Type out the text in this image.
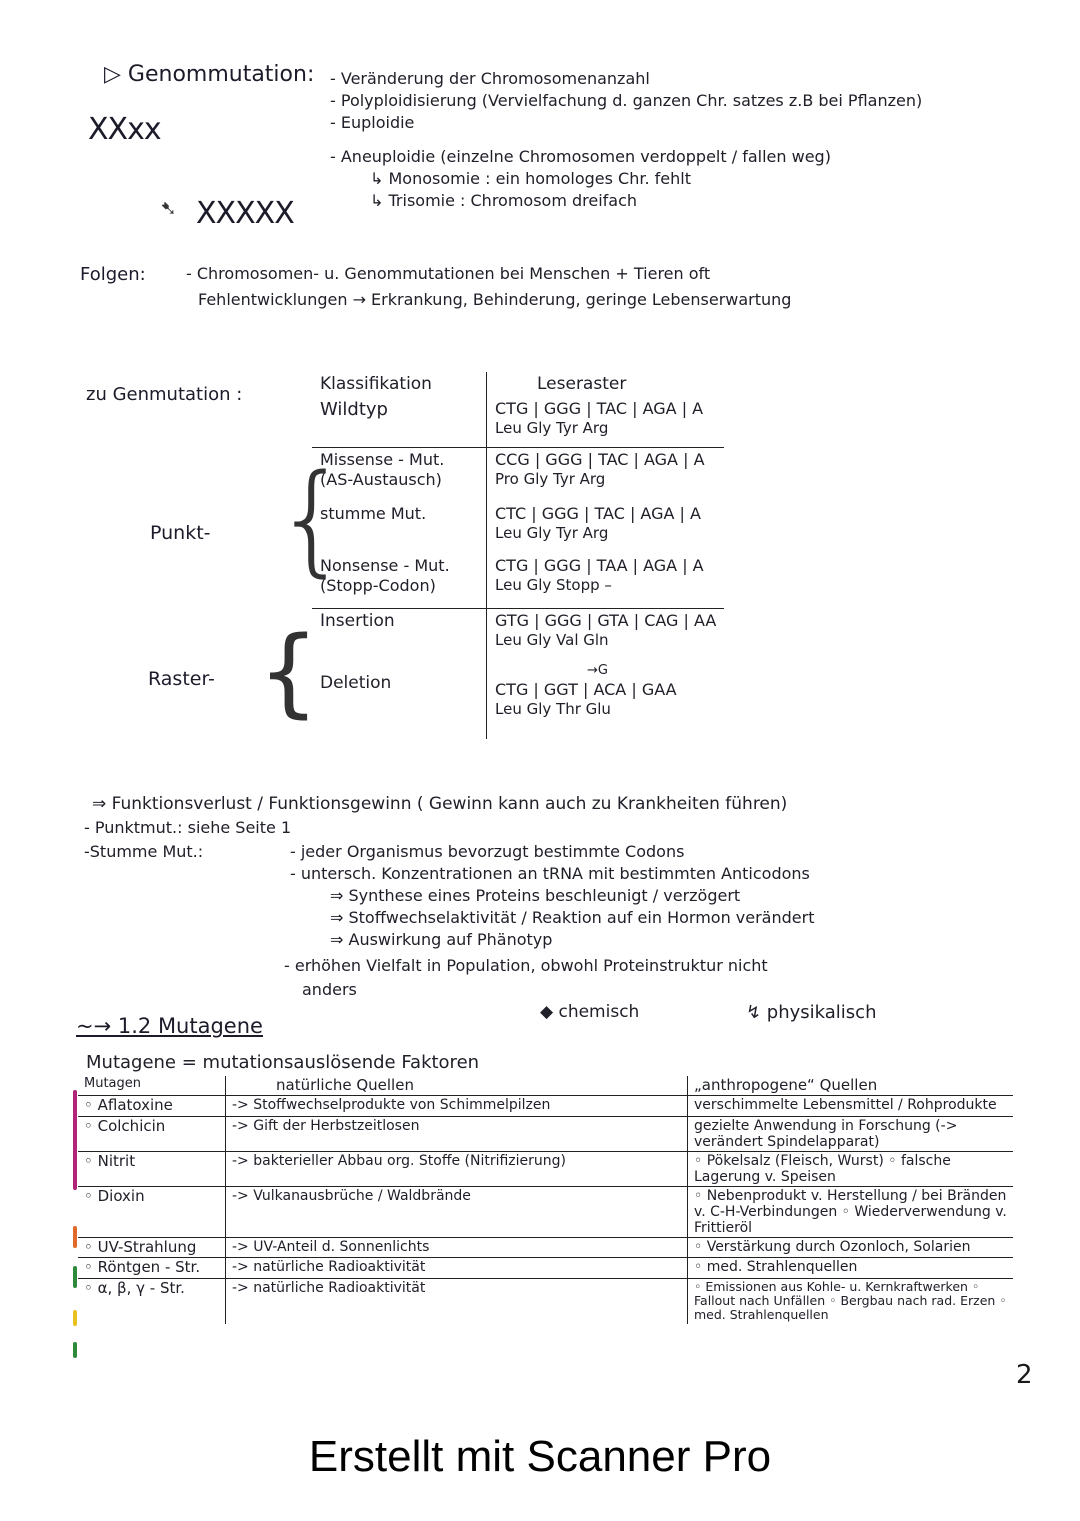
▷ Genommutation: - Veränderung der Chromosomenanzahl
- Polyploidisierung (Vervielfachung d. ganzen Chr. satzes z.B bei Pflanzen)
- Euploidie
- Aneuploidie (einzelne Chromosomen verdoppelt / fallen weg)
↳ Monosomie : ein homologes Chr. fehlt
↳ Trisomie : Chromosom dreifach
XXxx
➷ XXXXX
Folgen:	- Chromosomen- u. Genommutationen bei Menschen + Tieren oft
Fehlentwicklungen → Erkrankung, Behinderung, geringe Lebenserwartung
zu Genmutation :
Punkt- {
Raster- {
Klassifikation	Leseraster
Wildtyp	CTG | GGG | TAC | AGA | A
Leu Gly Tyr Arg

Missense - Mut.
(AS-Austausch)	CCG | GGG | TAC | AGA | A
Pro Gly Tyr Arg

stumme Mut.	CTC | GGG | TAC | AGA | A
Leu Gly Tyr Arg

Nonsense - Mut.
(Stopp-Codon)	CTG | GGG | TAA | AGA | A
Leu Gly Stopp –

Insertion	GTG | GGG | GTA | CAG | AA
Leu Gly Val Gln

Deletion	→G
CTG | GGT | ACA | GAA
Leu Gly Thr Glu
⇒ Funktionsverlust / Funktionsgewinn ( Gewinn kann auch zu Krankheiten führen)
- Punktmut.: siehe Seite 1
-Stumme Mut.:	- jeder Organismus bevorzugt bestimmte Codons
- untersch. Konzentrationen an tRNA mit bestimmten Anticodons
⇒ Synthese eines Proteins beschleunigt / verzögert
⇒ Stoffwechselaktivität / Reaktion auf ein Hormon verändert
⇒ Auswirkung auf Phänotyp
- erhöhen Vielfalt in Population, obwohl Proteinstruktur nicht
anders
~→ 1.2 Mutagene
◆ chemisch	↯ physikalisch
Mutagene = mutationsauslösende Faktoren
Mutagen	natürliche Quellen	„anthropogene“ Quellen
◦ Aflatoxine	-> Stoffwechselprodukte von Schimmelpilzen	verschimmelte Lebensmittel / Rohprodukte
◦ Colchicin	-> Gift der Herbstzeitlosen	gezielte Anwendung in Forschung (-> verändert Spindelapparat)
◦ Nitrit	-> bakterieller Abbau org. Stoffe (Nitrifizierung)	◦ Pökelsalz (Fleisch, Wurst) ◦ falsche Lagerung v. Speisen
◦ Dioxin	-> Vulkanausbrüche / Waldbrände	◦ Nebenprodukt v. Herstellung / bei Bränden v. C-H-Verbindungen ◦ Wiederverwendung v. Frittieröl
◦ UV-Strahlung	-> UV-Anteil d. Sonnenlichts	◦ Verstärkung durch Ozonloch, Solarien
◦ Röntgen - Str.	-> natürliche Radioaktivität	◦ med. Strahlenquellen
◦ α, β, γ - Str.	-> natürliche Radioaktivität	◦ Emissionen aus Kohle- u. Kernkraftwerken ◦ Fallout nach Unfällen ◦ Bergbau nach rad. Erzen ◦ med. Strahlenquellen
2
Erstellt mit Scanner Pro
